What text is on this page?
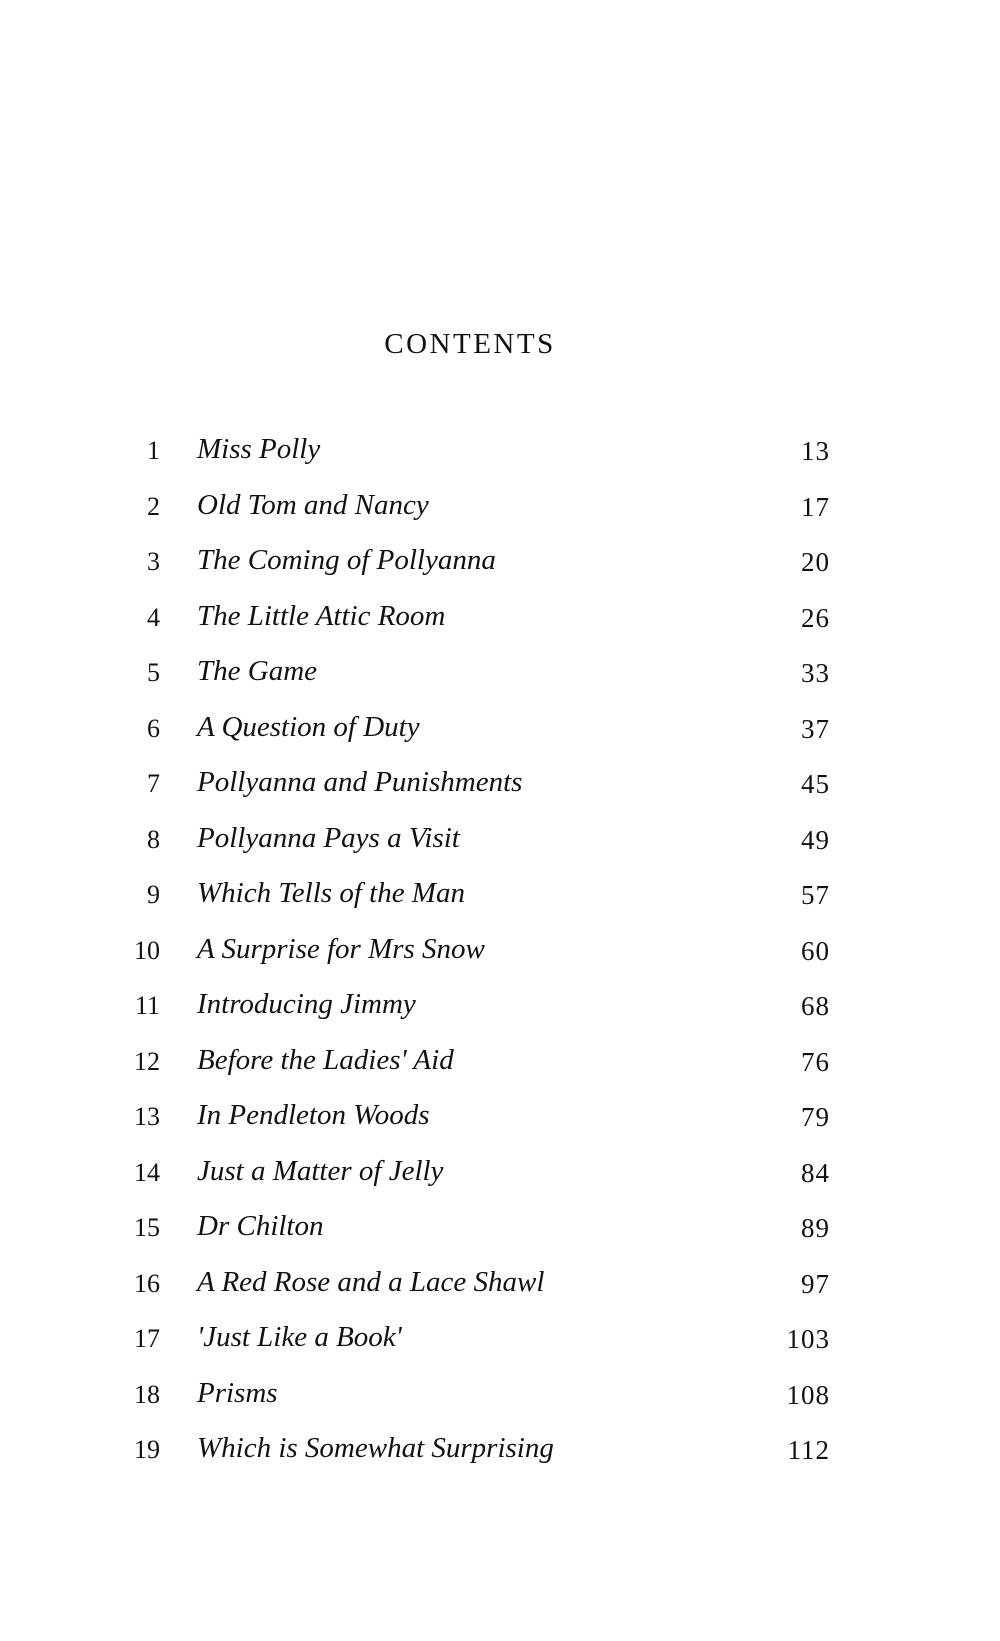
CONTENTS
1 Miss Polly	13
2 Old Tom and Nancy	17
3 The Coming of Pollyanna	20
4 The Little Attic Room	26
5 The Game	33
6 A Question of Duty	37
7 Pollyanna and Punishments	45
8 Pollyanna Pays a Visit	49
9 Which Tells of the Man	57
10 A Surprise for Mrs Snow	60
11 Introducing Jimmy	68
12 Before the Ladies' Aid	76
13 In Pendleton Woods	79
14 Just a Matter of Jelly	84
15 Dr Chilton	89
16 A Red Rose and a Lace Shawl	97
17 'Just Like a Book'	103
18 Prisms	108
19 Which is Somewhat Surprising	112
